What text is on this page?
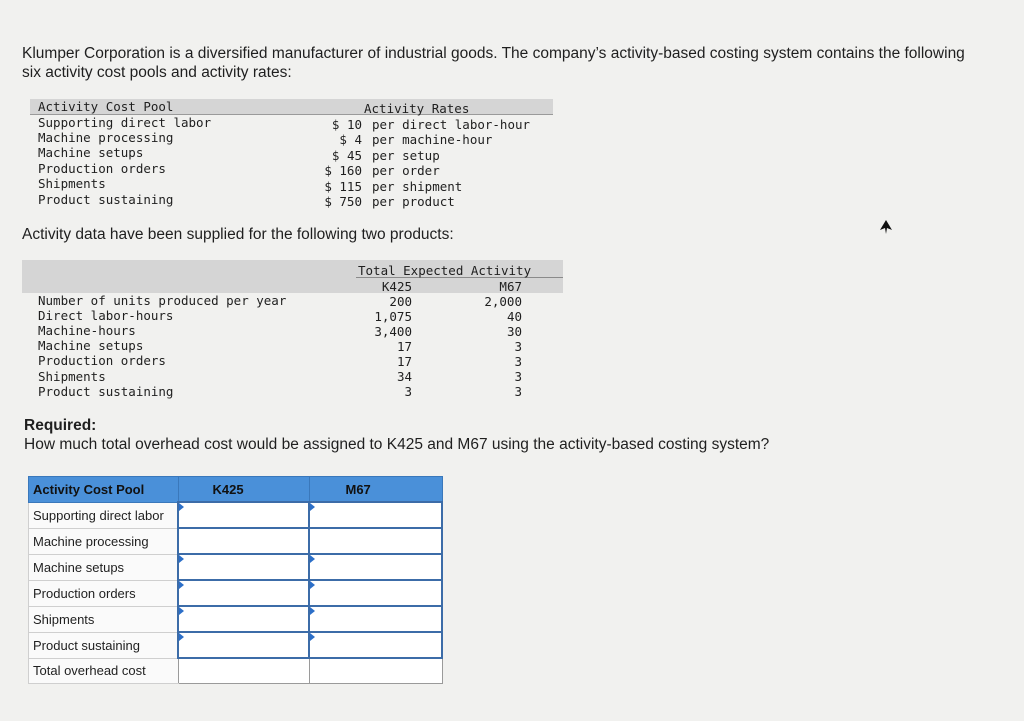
Klumper Corporation is a diversified manufacturer of industrial goods. The company’s activity-based costing system contains the following six activity cost pools and activity rates:

Activity Cost Pool	Activity Rates
Supporting direct labor	$ 10 per direct labor-hour
Machine processing	$ 4 per machine-hour
Machine setups	$ 45 per setup
Production orders	$ 160 per order
Shipments	$ 115 per shipment
Product sustaining	$ 750 per product
Activity data have been supplied for the following two products:
Total Expected Activity
K425	M67
Number of units produced per year	200	2,000
Direct labor-hours	1,075	40
Machine-hours	3,400	30
Machine setups	17	3
Production orders	17	3
Shipments	34	3
Product sustaining	3	3
Required:
How much total overhead cost would be assigned to K425 and M67 using the activity-based costing system?
Activity Cost Pool	K425	M67
Supporting direct labor	

Machine processing		
Machine setups	

Production orders	

Shipments	

Product sustaining	

Total overhead cost		
